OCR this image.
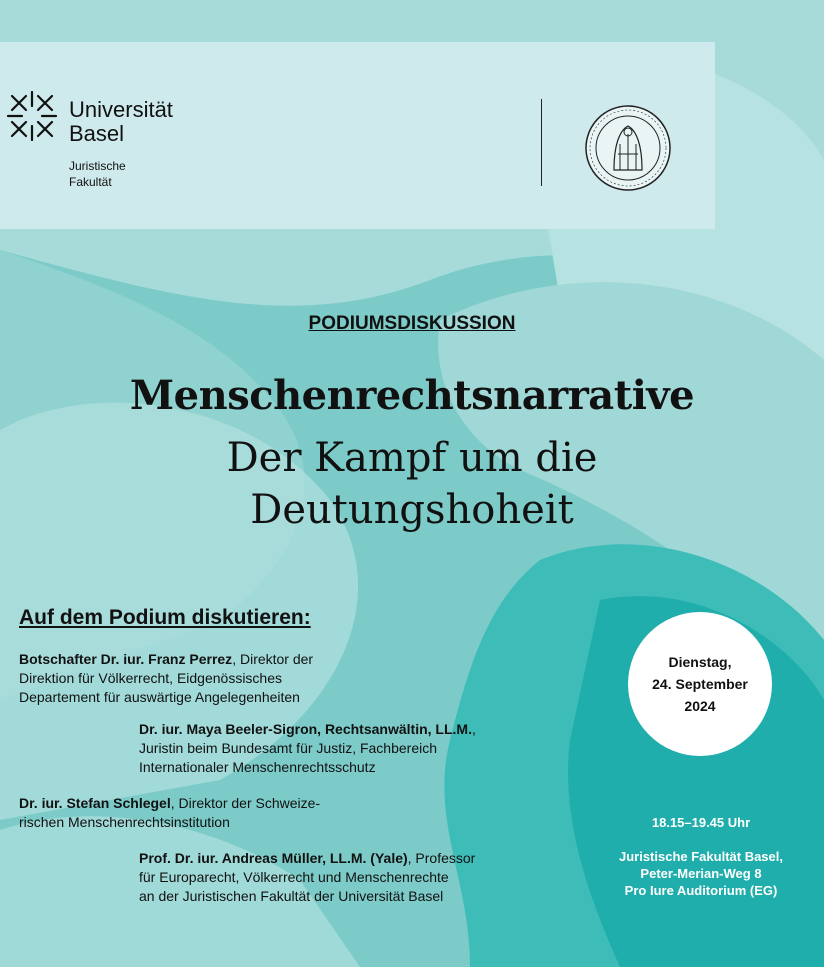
Universität
Basel
Juristische
Fakultät
PODIUMSDISKUSSION
Menschenrechtsnarrative
Der Kampf um die
Deutungshoheit
Auf dem Podium diskutieren:
Botschafter Dr. iur. Franz Perrez, Direktor der
Direktion für Völkerrecht, Eidgenössisches
Departement für auswärtige Angelegenheiten
Dr. iur. Maya Beeler-Sigron, Rechtsanwältin, LL.M.,
Juristin beim Bundesamt für Justiz, Fachbereich
Internationaler Menschenrechtsschutz
Dr. iur. Stefan Schlegel, Direktor der Schweize-
rischen Menschenrechtsinstitution
Prof. Dr. iur. Andreas Müller, LL.M. (Yale), Professor
für Europarecht, Völkerrecht und Menschenrechte
an der Juristischen Fakultät der Universität Basel
Dienstag,
24. September
2024
18.15–19.45 Uhr
Juristische Fakultät Basel,
Peter-Merian-Weg 8
Pro Iure Auditorium (EG)
